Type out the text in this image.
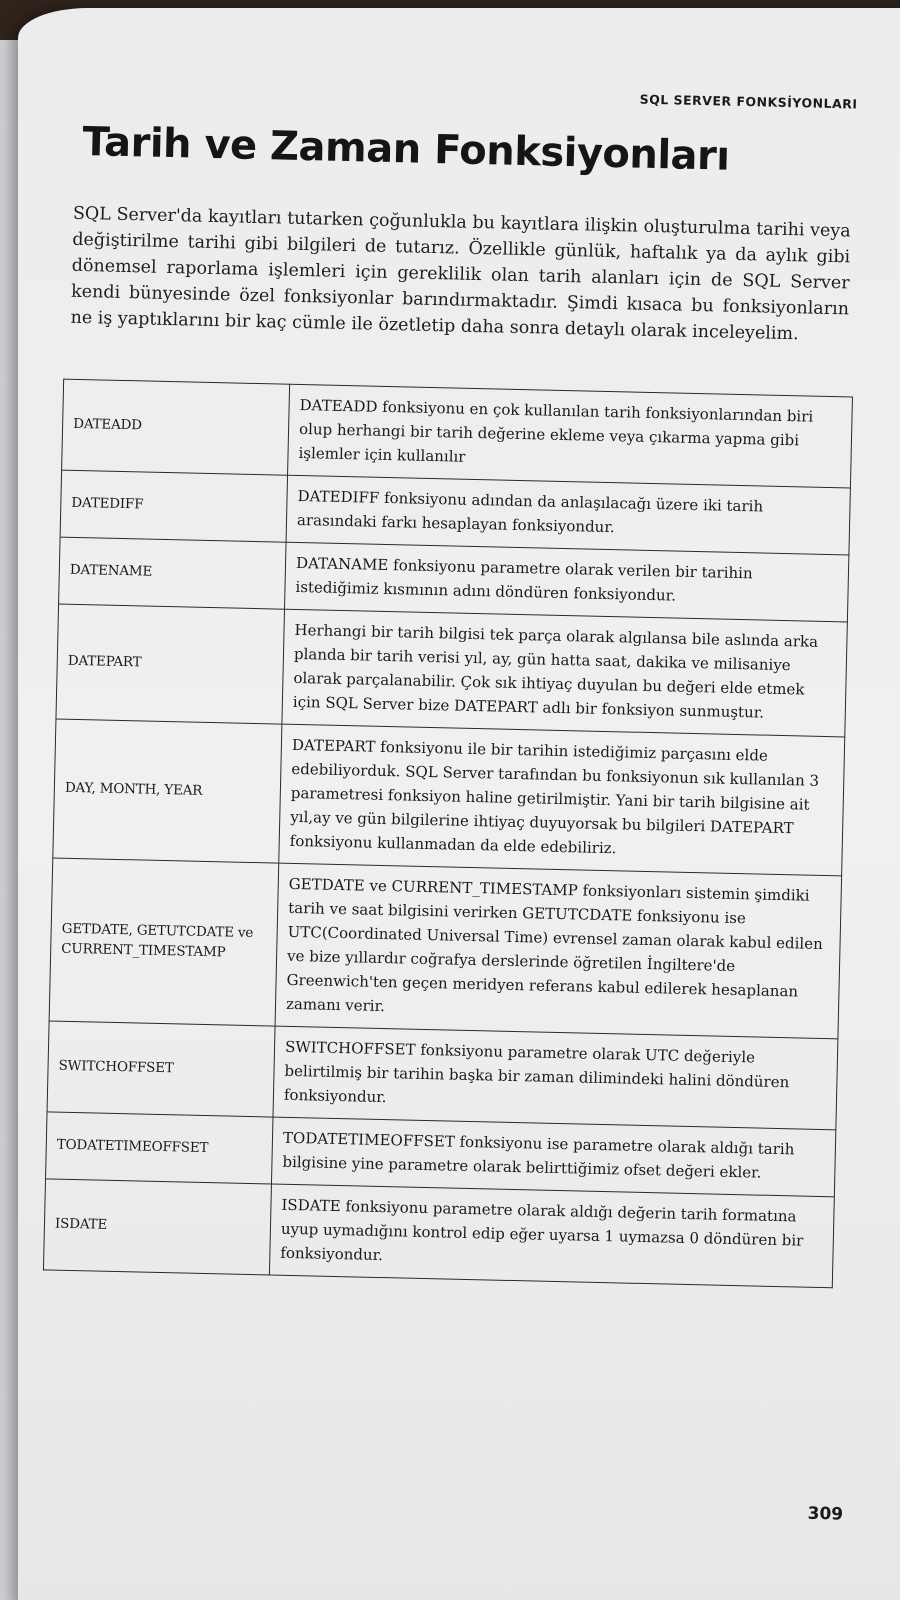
SQL SERVER FONKSİYONLARI
Tarih ve Zaman Fonksiyonları

SQL Server'da kayıtları tutarken çoğunlukla bu kayıtlara ilişkin oluşturulma tarihi veya değiştirilme tarihi gibi bilgileri de tutarız. Özellikle günlük, haftalık ya da aylık gibi dönemsel raporlama işlemleri için gereklilik olan tarih alanları için de SQL Server kendi bünyesinde özel fonksiyonlar barındırmaktadır. Şimdi kısaca bu fonksiyonların ne iş yaptıklarını bir kaç cümle ile özetletip daha sonra detaylı olarak inceleyelim.

DATEADD	DATEADD fonksiyonu en çok kullanılan tarih fonksiyonlarından biri olup herhangi bir tarih değerine ekleme veya çıkarma yapma gibi işlemler için kullanılır
DATEDIFF	DATEDIFF fonksiyonu adından da anlaşılacağı üzere iki tarih arasındaki farkı hesaplayan fonksiyondur.
DATENAME	DATANAME fonksiyonu parametre olarak verilen bir tarihin istediğimiz kısmının adını döndüren fonksiyondur.
DATEPART	Herhangi bir tarih bilgisi tek parça olarak algılansa bile aslında arka planda bir tarih verisi yıl, ay, gün hatta saat, dakika ve milisaniye olarak parçalanabilir. Çok sık ihtiyaç duyulan bu değeri elde etmek için SQL Server bize DATEPART adlı bir fonksiyon sunmuştur.
DAY, MONTH, YEAR	DATEPART fonksiyonu ile bir tarihin istediğimiz parçasını elde edebiliyorduk. SQL Server tarafından bu fonksiyonun sık kullanılan 3 parametresi fonksiyon haline getirilmiştir. Yani bir tarih bilgisine ait yıl,ay ve gün bilgilerine ihtiyaç duyuyorsak bu bilgileri DATEPART fonksiyonu kullanmadan da elde edebiliriz.
GETDATE, GETUTCDATE ve CURRENT_TIMESTAMP	GETDATE ve CURRENT_TIMESTAMP fonksiyonları sistemin şimdiki tarih ve saat bilgisini verirken GETUTCDATE fonksiyonu ise UTC(Coordinated Universal Time) evrensel zaman olarak kabul edilen ve bize yıllardır coğrafya derslerinde öğretilen İngiltere'de Greenwich'ten geçen meridyen referans kabul edilerek hesaplanan zamanı verir.
SWITCHOFFSET	SWITCHOFFSET fonksiyonu parametre olarak UTC değeriyle belirtilmiş bir tarihin başka bir zaman dilimindeki halini döndüren fonksiyondur.
TODATETIMEOFFSET	TODATETIMEOFFSET fonksiyonu ise parametre olarak aldığı tarih bilgisine yine parametre olarak belirttiğimiz ofset değeri ekler.
ISDATE	ISDATE fonksiyonu parametre olarak aldığı değerin tarih formatına uyup uymadığını kontrol edip eğer uyarsa 1 uymazsa 0 döndüren bir fonksiyondur.
309
